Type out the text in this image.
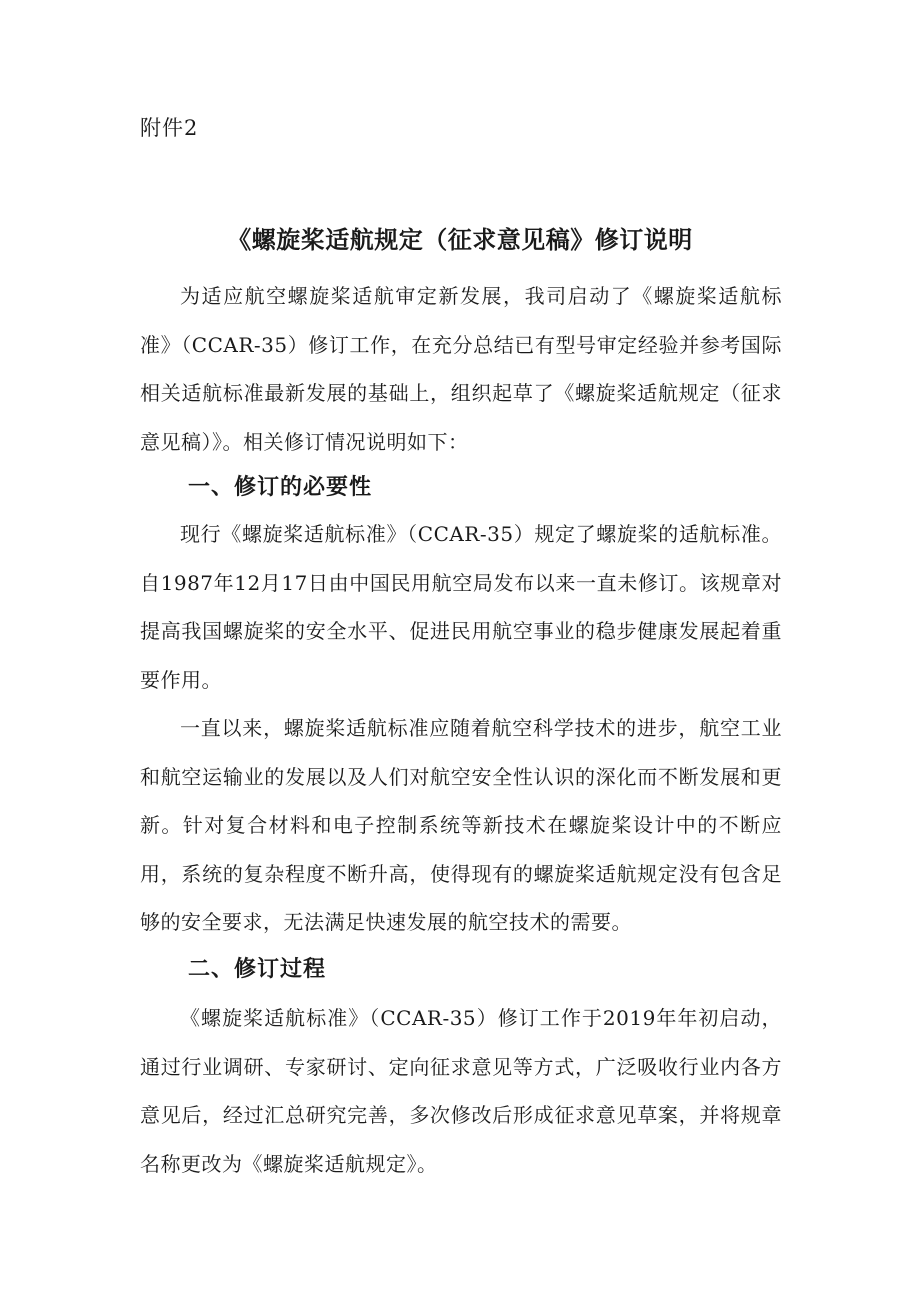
附件2
《螺旋桨适航规定（征求意见稿》修订说明

为适应航空螺旋桨适航审定新发展，我司启动了《螺旋桨适航标准》（CCAR-35）修订工作，在充分总结已有型号审定经验并参考国际相关适航标准最新发展的基础上，组织起草了《螺旋桨适航规定（征求意见稿）》。相关修订情况说明如下：

一、修订的必要性

现行《螺旋桨适航标准》（CCAR-35）规定了螺旋桨的适航标准。自1987年12月17日由中国民用航空局发布以来一直未修订。该规章对提高我国螺旋桨的安全水平、促进民用航空事业的稳步健康发展起着重要作用。

一直以来，螺旋桨适航标准应随着航空科学技术的进步，航空工业和航空运输业的发展以及人们对航空安全性认识的深化而不断发展和更新。针对复合材料和电子控制系统等新技术在螺旋桨设计中的不断应用，系统的复杂程度不断升高，使得现有的螺旋桨适航规定没有包含足够的安全要求，无法满足快速发展的航空技术的需要。

二、修订过程

《螺旋桨适航标准》（CCAR-35）修订工作于2019年年初启动，通过行业调研、专家研讨、定向征求意见等方式，广泛吸收行业内各方意见后，经过汇总研究完善，多次修改后形成征求意见草案，并将规章名称更改为《螺旋桨适航规定》。
